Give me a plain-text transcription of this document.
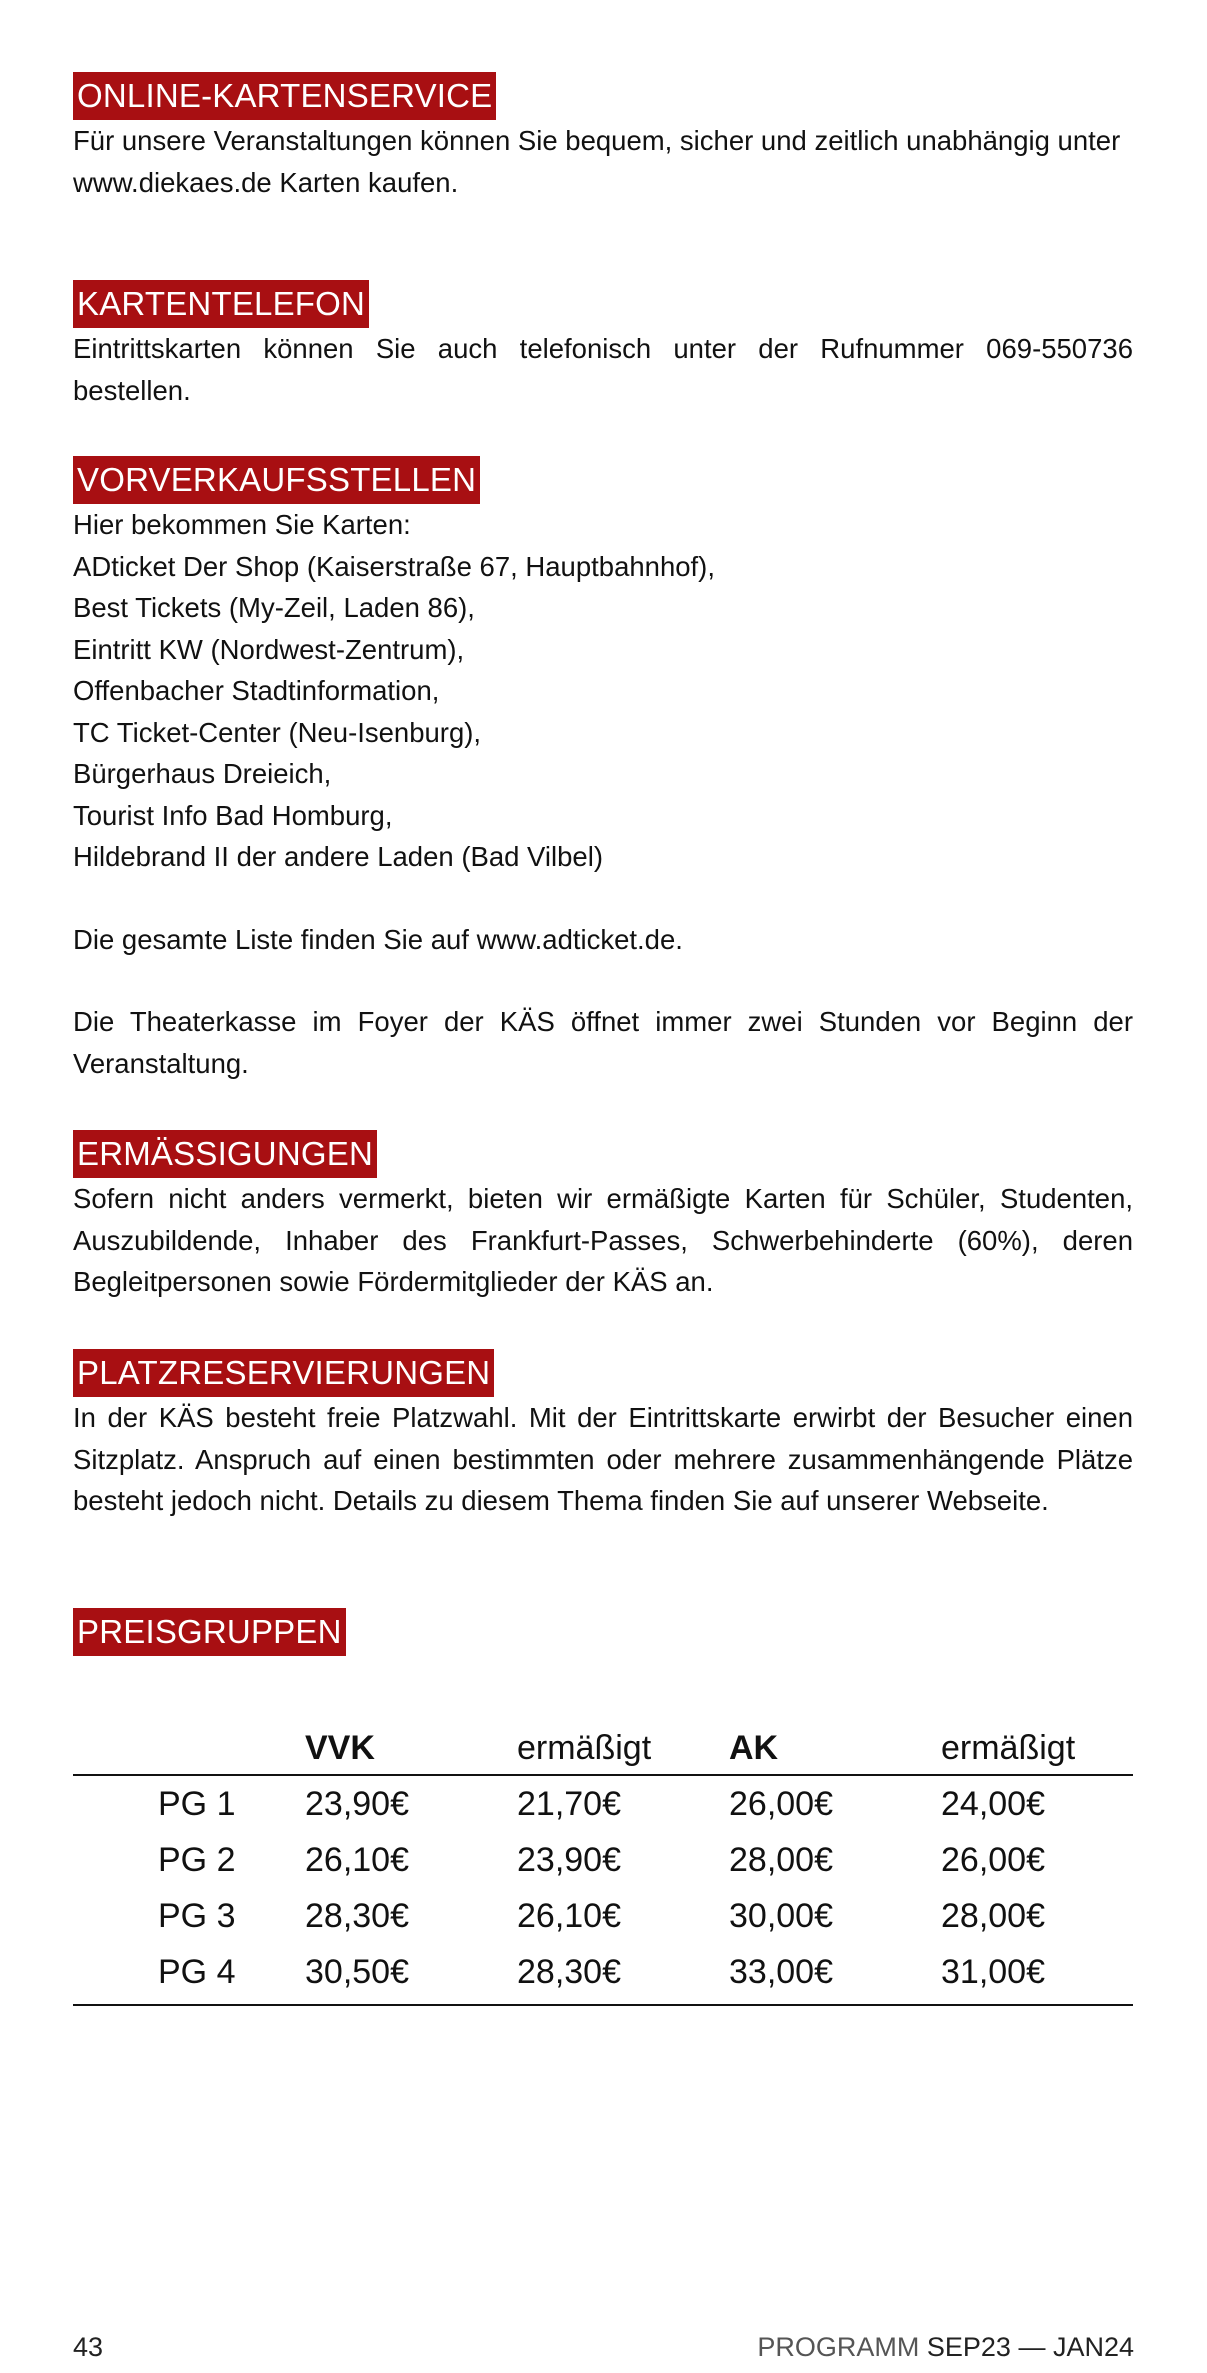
ONLINE-KARTENSERVICE

Für unsere Veranstaltungen können Sie bequem, sicher und zeitlich unabhängig unter www.diekaes.de Karten kaufen.

KARTENTELEFON

Eintrittskarten können Sie auch telefonisch unter der Rufnummer 069-550736 bestellen.

VORVERKAUFSSTELLEN
Hier bekommen Sie Karten:
ADticket Der Shop (Kaiserstraße 67, Hauptbahnhof),
Best Tickets (My-Zeil, Laden 86),
Eintritt KW (Nordwest-Zentrum),
Offenbacher Stadtinformation,
TC Ticket-Center (Neu-Isenburg),
Bürgerhaus Dreieich,
Tourist Info Bad Homburg,
Hildebrand II der andere Laden (Bad Vilbel)

Die gesamte Liste finden Sie auf www.adticket.de.

Die Theaterkasse im Foyer der KÄS öffnet immer zwei Stunden vor Beginn der Veranstaltung.

ERMÄSSIGUNGEN

Sofern nicht anders vermerkt, bieten wir ermäßigte Karten für Schüler, Studenten, Auszubildende, Inhaber des Frankfurt-Passes, Schwerbehinderte (60%), deren Begleitpersonen sowie Fördermitglieder der KÄS an.

PLATZRESERVIERUNGEN

In der KÄS besteht freie Platzwahl. Mit der Eintrittskarte erwirbt der Besucher einen Sitzplatz. Anspruch auf einen bestimmten oder mehrere zusammenhängende Plätze besteht jedoch nicht. Details zu diesem Thema finden Sie auf unserer Webseite.

PREISGRUPPEN
	VVK	ermäßigt	AK	ermäßigt
PG 1	23,90€	21,70€	26,00€	24,00€
PG 2	26,10€	23,90€	28,00€	26,00€
PG 3	28,30€	26,10€	30,00€	28,00€
PG 4	30,50€	28,30€	33,00€	31,00€
43	PROGRAMM SEP23 — JAN24
